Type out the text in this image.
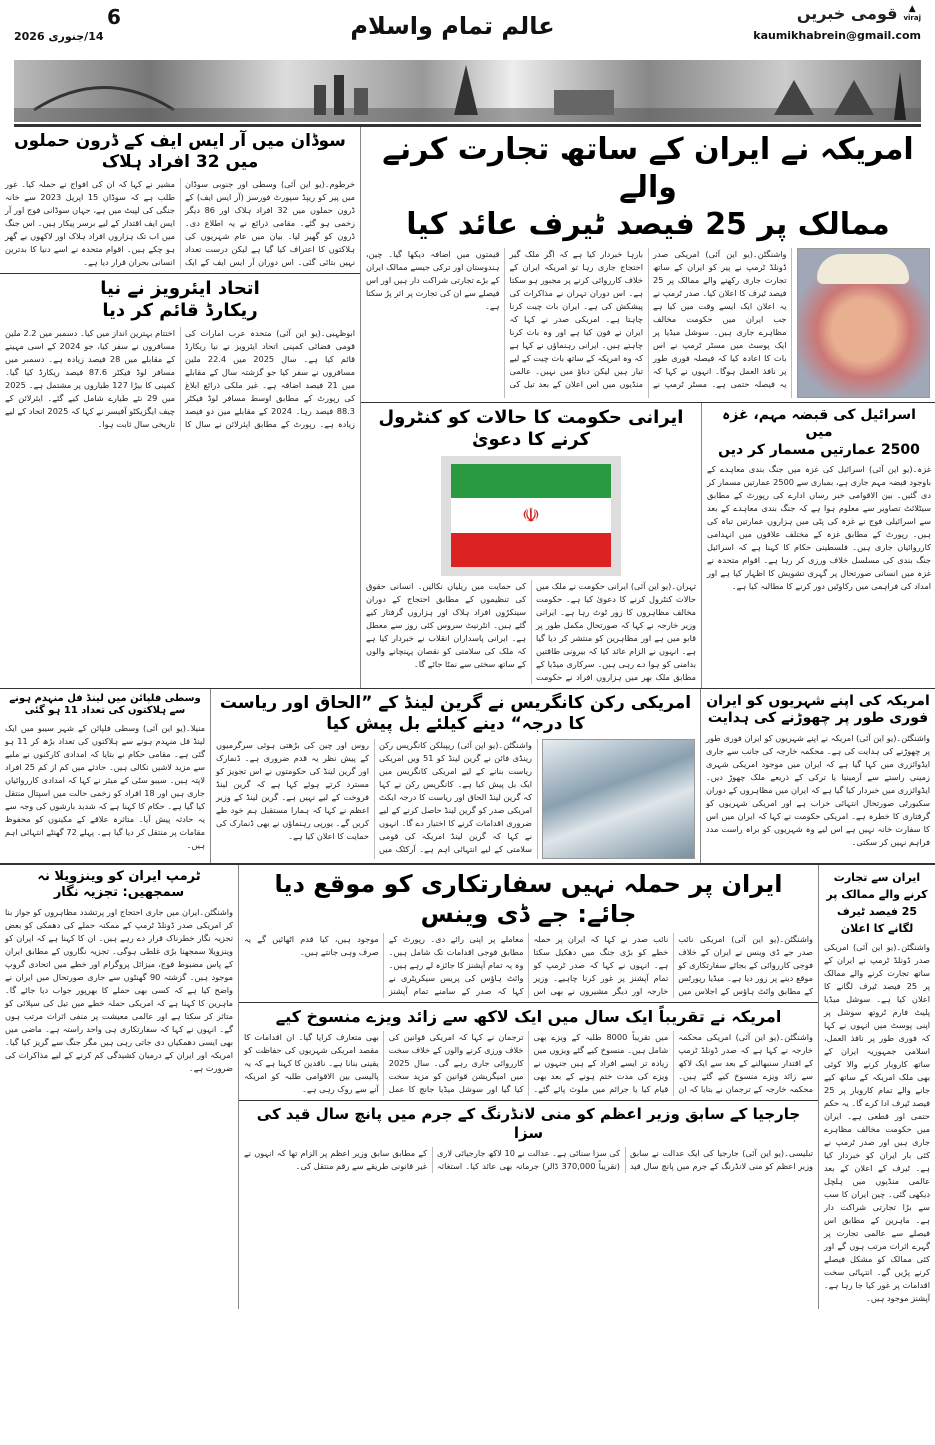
6
14/جنوری 2026	عالم تمام واسلام	قومی خبریں	▲
viraj
kaumikhabrein@gmail.com
سوڈان میں آر ایس ایف کے ڈرون حملوں میں 32 افراد ہلاک
خرطوم۔(یو این آئی) وسطی اور جنوبی سوڈان میں پیر کو ریپڈ سپورٹ فورسز (آر ایس ایف) کے ڈرون حملوں میں 32 افراد ہلاک اور 86 دیگر زخمی ہو گئے۔ مقامی ذرائع نے یہ اطلاع دی۔ ڈرون کو گھیر لیا۔ بیان میں عام شہریوں کی ہلاکتوں کا اعتراف کیا گیا ہے لیکن درست تعداد نہیں بتائی گئی۔ اس دوران آر ایس ایف کے ایک مشیر نے کہا کہ ان کی افواج نے حملہ کیا۔ غور طلب ہے کہ سوڈان 15 اپریل 2023 سے خانہ جنگی کی لپیٹ میں ہے، جہاں سوڈانی فوج اور آر ایس ایف اقتدار کے لیے برسر پیکار ہیں۔ اس جنگ میں اب تک ہزاروں افراد ہلاک اور لاکھوں بے گھر ہو چکے ہیں۔ اقوام متحدہ نے اسے دنیا کا بدترین انسانی بحران قرار دیا ہے۔
اتحاد ایئرویز نے نیا
ریکارڈ قائم کر دیا
ابوظہبی۔(یو این آئی) متحدہ عرب امارات کی قومی فضائی کمپنی اتحاد ایئرویز نے نیا ریکارڈ قائم کیا ہے۔ سال 2025 میں 22.4 ملین مسافروں نے سفر کیا جو گزشتہ سال کے مقابلے میں 21 فیصد اضافہ ہے۔ غیر ملکی ذرائع ابلاغ کی رپورٹ کے مطابق اوسط مسافر لوڈ فیکٹر 88.3 فیصد رہا۔ 2024 کے مقابلے میں دو فیصد زیادہ ہے۔ رپورٹ کے مطابق ایئرلائن نے سال کا اختتام بہترین انداز میں کیا۔ دسمبر میں 2.2 ملین مسافروں نے سفر کیا، جو 2024 کے اسی مہینے کے مقابلے میں 28 فیصد زیادہ ہے۔ دسمبر میں مسافر لوڈ فیکٹر 87.6 فیصد ریکارڈ کیا گیا۔ کمپنی کا بیڑا 127 طیاروں پر مشتمل ہے۔ 2025 میں 29 نئے طیارے شامل کیے گئے۔ ایئرلائن کے چیف ایگزیکٹو آفیسر نے کہا کہ 2025 اتحاد کے لیے تاریخی سال ثابت ہوا۔
امریکہ نے ایران کے ساتھ تجارت کرنے والے
ممالک پر 25 فیصد ٹیرف عائد کیا
واشنگٹن۔(یو این آئی) امریکی صدر ڈونلڈ ٹرمپ نے پیر کو ایران کے ساتھ تجارت جاری رکھنے والے ممالک پر 25 فیصد ٹیرف کا اعلان کیا۔ صدر ٹرمپ نے یہ اعلان ایک ایسے وقت میں کیا ہے جب ایران میں حکومت مخالف مظاہرے جاری ہیں۔ سوشل میڈیا پر ایک پوسٹ میں مسٹر ٹرمپ نے اس بات کا اعادہ کیا کہ فیصلہ فوری طور پر نافذ العمل ہوگا۔ انہوں نے کہا کہ یہ فیصلہ حتمی ہے۔ مسٹر ٹرمپ نے بارہا خبردار کیا ہے کہ اگر ملک گیر احتجاج جاری رہا تو امریکہ ایران کے خلاف کارروائی کرنے پر مجبور ہو سکتا ہے۔ اس دوران تہران نے مذاکرات کی پیشکش کی ہے۔ ایران بات چیت کرنا چاہتا ہے۔ امریکی صدر نے کہا کہ ایران نے فون کیا ہے اور وہ بات کرنا چاہتے ہیں۔ ایرانی رہنماؤں نے کہا ہے کہ وہ امریکہ کے ساتھ بات چیت کے لیے تیار ہیں لیکن دباؤ میں نہیں۔ عالمی منڈیوں میں اس اعلان کے بعد تیل کی قیمتوں میں اضافہ دیکھا گیا۔ چین، ہندوستان اور ترکی جیسے ممالک ایران کے بڑے تجارتی شراکت دار ہیں اور اس فیصلے سے ان کی تجارت پر اثر پڑ سکتا ہے۔
ایرانی حکومت کا حالات کو کنٹرول کرنے کا دعویٰ
☫
تہران۔(یو این آئی) ایرانی حکومت نے ملک میں حالات کنٹرول کرنے کا دعویٰ کیا ہے۔ حکومت مخالف مظاہروں کا زور ٹوٹ رہا ہے۔ ایرانی وزیر خارجہ نے کہا کہ صورتحال مکمل طور پر قابو میں ہے اور مظاہرین کو منتشر کر دیا گیا ہے۔ انہوں نے الزام عائد کیا کہ بیرونی طاقتیں بدامنی کو ہوا دے رہی ہیں۔ سرکاری میڈیا کے مطابق ملک بھر میں ہزاروں افراد نے حکومت کی حمایت میں ریلیاں نکالیں۔ انسانی حقوق کی تنظیموں کے مطابق احتجاج کے دوران سینکڑوں افراد ہلاک اور ہزاروں گرفتار کیے گئے ہیں۔ انٹرنیٹ سروس کئی روز سے معطل ہے۔ ایرانی پاسداران انقلاب نے خبردار کیا ہے کہ ملک کی سلامتی کو نقصان پہنچانے والوں کے ساتھ سختی سے نمٹا جائے گا۔
اسرائیل کی قبضہ مہم، غزہ میں
2500 عمارتیں مسمار کر دیں
غزہ۔(یو این آئی) اسرائیل کی غزہ میں جنگ بندی معاہدے کے باوجود قبضہ مہم جاری ہے، بمباری سے 2500 عمارتیں مسمار کر دی گئیں۔ بین الاقوامی خبر رساں ادارے کی رپورٹ کے مطابق سیٹلائٹ تصاویر سے معلوم ہوا ہے کہ جنگ بندی معاہدے کے بعد سے اسرائیلی فوج نے غزہ کی پٹی میں ہزاروں عمارتیں تباہ کی ہیں۔ رپورٹ کے مطابق غزہ کے مختلف علاقوں میں انہدامی کارروائیاں جاری ہیں۔ فلسطینی حکام کا کہنا ہے کہ اسرائیل جنگ بندی کی مسلسل خلاف ورزی کر رہا ہے۔ اقوام متحدہ نے غزہ میں انسانی صورتحال پر گہری تشویش کا اظہار کیا ہے اور امداد کی فراہمی میں رکاوٹیں دور کرنے کا مطالبہ کیا ہے۔
وسطی فلپائن میں لینڈ فل منہدم ہونے
سے ہلاکتوں کی تعداد 11 ہو گئی
منیلا۔(یو این آئی) وسطی فلپائن کے شہر سیبو میں ایک لینڈ فل منہدم ہونے سے ہلاکتوں کی تعداد بڑھ کر 11 ہو گئی ہے۔ مقامی حکام نے بتایا کہ امدادی کارکنوں نے ملبے سے مزید لاشیں نکالی ہیں۔ حادثے میں کم از کم 25 افراد لاپتہ ہیں۔ سیبو سٹی کے میئر نے کہا کہ امدادی کارروائیاں جاری ہیں اور 18 افراد کو زخمی حالت میں اسپتال منتقل کیا گیا ہے۔ حکام کا کہنا ہے کہ شدید بارشوں کی وجہ سے یہ حادثہ پیش آیا۔ متاثرہ علاقے کے مکینوں کو محفوظ مقامات پر منتقل کر دیا گیا ہے۔ پہلے 72 گھنٹے انتہائی اہم ہیں۔
امریکی رکن کانگریس نے گرین لینڈ کے ”الحاق اور ریاست کا درجہ“ دینے کیلئے بل پیش کیا
واشنگٹن۔(یو این آئی) ریپبلکن کانگریس رکن رینڈی فائن نے گرین لینڈ کو 51 ویں امریکی ریاست بنانے کے لیے امریکی کانگریس میں ایک بل پیش کیا ہے۔ کانگریس رکن نے کہا کہ گرین لینڈ الحاق اور ریاست کا درجہ ایکٹ امریکی صدر کو گرین لینڈ حاصل کرنے کے لیے ضروری اقدامات کرنے کا اختیار دے گا۔ انہوں نے کہا کہ گرین لینڈ امریکہ کی قومی سلامتی کے لیے انتہائی اہم ہے۔ آرکٹک میں روس اور چین کی بڑھتی ہوئی سرگرمیوں کے پیش نظر یہ قدم ضروری ہے۔ ڈنمارک اور گرین لینڈ کی حکومتوں نے اس تجویز کو مسترد کرتے ہوئے کہا ہے کہ گرین لینڈ فروخت کے لیے نہیں ہے۔ گرین لینڈ کے وزیر اعظم نے کہا کہ ہمارا مستقبل ہم خود طے کریں گے۔ یورپی رہنماؤں نے بھی ڈنمارک کی حمایت کا اعلان کیا ہے۔
امریکہ کی اپنے شہریوں کو ایران
فوری طور پر چھوڑنے کی ہدایت
واشنگٹن۔(یو این آئی) امریکہ نے اپنے شہریوں کو ایران فوری طور پر چھوڑنے کی ہدایت کی ہے۔ محکمہ خارجہ کی جانب سے جاری ایڈوائزری میں کہا گیا ہے کہ ایران میں موجود امریکی شہری زمینی راستے سے آرمینیا یا ترکی کے ذریعے ملک چھوڑ دیں۔ ایڈوائزری میں خبردار کیا گیا ہے کہ ایران میں مظاہروں کے دوران سکیورٹی صورتحال انتہائی خراب ہے اور امریکی شہریوں کو گرفتاری کا خطرہ ہے۔ امریکی حکومت نے کہا کہ ایران میں اس کا سفارت خانہ نہیں ہے اس لیے وہ شہریوں کو براہ راست مدد فراہم نہیں کر سکتی۔
ٹرمپ ایران کو وینزویلا نہ سمجھیں: تجزیہ نگار
واشنگٹن۔ایران میں جاری احتجاج اور پرتشدد مظاہروں کو جواز بنا کر امریکی صدر ڈونلڈ ٹرمپ کے ممکنہ حملے کی دھمکی کو بعض تجزیہ نگار خطرناک قرار دے رہے ہیں۔ ان کا کہنا ہے کہ ایران کو وینزویلا سمجھنا بڑی غلطی ہوگی۔ تجزیہ نگاروں کے مطابق ایران کے پاس مضبوط فوج، میزائل پروگرام اور خطے میں اتحادی گروپ موجود ہیں۔ گزشتہ 90 گھنٹوں سے جاری صورتحال میں ایران نے واضح کیا ہے کہ کسی بھی حملے کا بھرپور جواب دیا جائے گا۔ ماہرین کا کہنا ہے کہ امریکی حملہ خطے میں تیل کی سپلائی کو متاثر کر سکتا ہے اور عالمی معیشت پر منفی اثرات مرتب ہوں گے۔ انہوں نے کہا کہ سفارتکاری ہی واحد راستہ ہے۔ ماضی میں بھی ایسی دھمکیاں دی جاتی رہی ہیں مگر جنگ سے گریز کیا گیا۔ امریکہ اور ایران کے درمیان کشیدگی کم کرنے کے لیے مذاکرات کی ضرورت ہے۔
ایران پر حملہ نہیں سفارتکاری کو موقع دیا جائے: جے ڈی وینس
واشنگٹن۔(یو این آئی) امریکی نائب صدر جے ڈی وینس نے ایران کے خلاف فوجی کارروائی کے بجائے سفارتکاری کو موقع دینے پر زور دیا ہے۔ میڈیا رپورٹس کے مطابق وائٹ ہاؤس کے اجلاس میں نائب صدر نے کہا کہ ایران پر حملہ خطے کو بڑی جنگ میں دھکیل سکتا ہے۔ انہوں نے کہا کہ صدر ٹرمپ کو تمام آپشنز پر غور کرنا چاہیے۔ وزیر خارجہ اور دیگر مشیروں نے بھی اس معاملے پر اپنی رائے دی۔ رپورٹ کے مطابق فوجی اقدامات تک شامل ہیں۔ وہ یہ تمام آپشنز کا جائزہ لے رہے ہیں۔ وائٹ ہاؤس کی پریس سیکریٹری نے کہا کہ صدر کے سامنے تمام آپشنز موجود ہیں، کیا قدم اٹھائیں گے یہ صرف وہی جانتے ہیں۔
امریکہ نے تقریباً ایک سال میں ایک لاکھ سے زائد ویزے منسوخ کیے
واشنگٹن۔(یو این آئی) امریکی محکمہ خارجہ نے کہا ہے کہ صدر ڈونلڈ ٹرمپ کے اقتدار سنبھالنے کے بعد سے ایک لاکھ سے زائد ویزے منسوخ کیے گئے ہیں۔ محکمہ خارجہ کے ترجمان نے بتایا کہ ان میں تقریباً 8000 طلبہ کے ویزے بھی شامل ہیں۔ منسوخ کیے گئے ویزوں میں زیادہ تر ایسے افراد کے ہیں جنہوں نے ویزے کی مدت ختم ہونے کے بعد بھی قیام کیا یا جرائم میں ملوث پائے گئے۔ ترجمان نے کہا کہ امریکی قوانین کی خلاف ورزی کرنے والوں کے خلاف سخت کارروائی جاری رہے گی۔ سال 2025 میں امیگریشن قوانین کو مزید سخت کیا گیا اور سوشل میڈیا جانچ کا عمل بھی متعارف کرایا گیا۔ ان اقدامات کا مقصد امریکی شہریوں کی حفاظت کو یقینی بنانا ہے۔ ناقدین کا کہنا ہے کہ یہ پالیسی بین الاقوامی طلبہ کو امریکہ آنے سے روک رہی ہے۔
جارجیا کے سابق وزیر اعظم کو منی لانڈرنگ کے جرم میں پانچ سال قید کی سزا
تبلیسی۔(یو این آئی) جارجیا کی ایک عدالت نے سابق وزیر اعظم کو منی لانڈرنگ کے جرم میں پانچ سال قید کی سزا سنائی ہے۔ عدالت نے 10 لاکھ جارجیائی لاری (تقریباً 370,000 ڈالر) جرمانہ بھی عائد کیا۔ استغاثہ کے مطابق سابق وزیر اعظم پر الزام تھا کہ انہوں نے غیر قانونی طریقے سے رقم منتقل کی۔
ایران سے تجارت کرنے والے ممالک پر 25 فیصد ٹیرف لگانے کا اعلان
واشنگٹن۔(یو این آئی) امریکی صدر ڈونلڈ ٹرمپ نے ایران کے ساتھ تجارت کرنے والے ممالک پر 25 فیصد ٹیرف لگانے کا اعلان کیا ہے۔ سوشل میڈیا پلیٹ فارم ٹروتھ سوشل پر اپنی پوسٹ میں انہوں نے کہا کہ فوری طور پر نافذ العمل، اسلامی جمہوریہ ایران کے ساتھ کاروبار کرنے والا کوئی بھی ملک امریکہ کے ساتھ کیے جانے والے تمام کاروبار پر 25 فیصد ٹیرف ادا کرے گا۔ یہ حکم حتمی اور قطعی ہے۔ ایران میں حکومت مخالف مظاہرے جاری ہیں اور صدر ٹرمپ نے کئی بار ایران کو خبردار کیا ہے۔ ٹیرف کے اعلان کے بعد عالمی منڈیوں میں ہلچل دیکھی گئی۔ چین ایران کا سب سے بڑا تجارتی شراکت دار ہے۔ ماہرین کے مطابق اس فیصلے سے عالمی تجارت پر گہرے اثرات مرتب ہوں گے اور کئی ممالک کو مشکل فیصلے کرنے پڑیں گے۔ انتہائی سخت اقدامات پر غور کیا جا رہا ہے۔ آپشنز موجود ہیں۔
